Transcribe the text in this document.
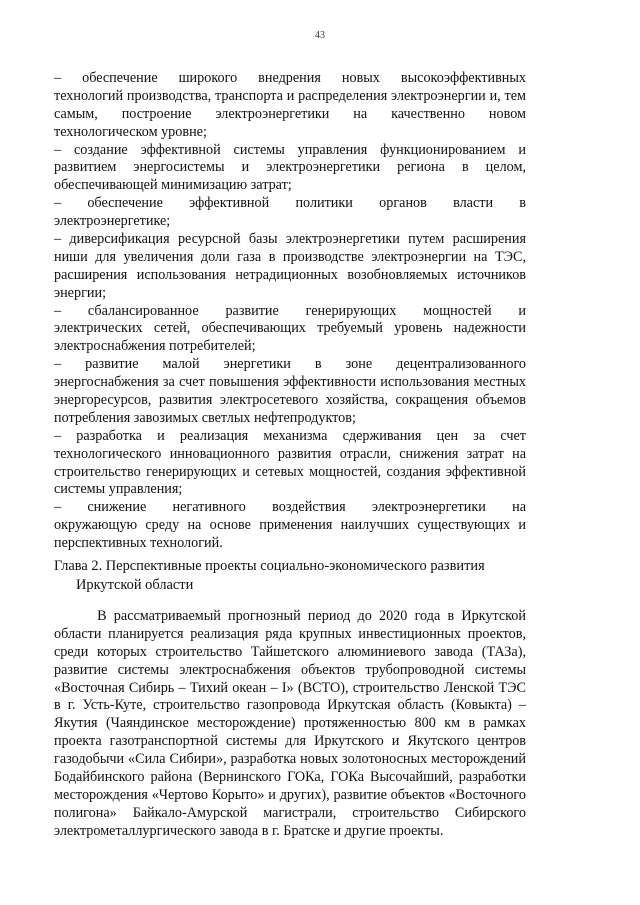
43
– обеспечение широкого внедрения новых высокоэффективных
технологий производства, транспорта и распределения электроэнергии и, тем
самым, построение электроэнергетики на качественно новом
технологическом уровне;
– создание эффективной системы управления функционированием и
развитием энергосистемы и электроэнергетики региона в целом,
обеспечивающей минимизацию затрат;
– обеспечение эффективной политики органов власти в
электроэнергетике;
– диверсификация ресурсной базы электроэнергетики путем расширения
ниши для увеличения доли газа в производстве электроэнергии на ТЭС,
расширения использования нетрадиционных возобновляемых источников
энергии;
– сбалансированное развитие генерирующих мощностей и
электрических сетей, обеспечивающих требуемый уровень надежности
электроснабжения потребителей;
– развитие малой энергетики в зоне децентрализованного
энергоснабжения за счет повышения эффективности использования местных
энергоресурсов, развития электросетевого хозяйства, сокращения объемов
потребления завозимых светлых нефтепродуктов;
– разработка и реализация механизма сдерживания цен за счет
технологического инновационного развития отрасли, снижения затрат на
строительство генерирующих и сетевых мощностей, создания эффективной
системы управления;
– снижение негативного воздействия электроэнергетики на
окружающую среду на основе применения наилучших существующих и
перспективных технологий.
Глава 2. Перспективные проекты социально-экономического развития
Иркутской области
В рассматриваемый прогнозный период до 2020 года в Иркутской
области планируется реализация ряда крупных инвестиционных проектов,
среди которых строительство Тайшетского алюминиевого завода (ТАЗа),
развитие системы электроснабжения объектов трубопроводной системы
«Восточная Сибирь – Тихий океан – I» (ВСТО), строительство Ленской ТЭС
в г. Усть-Куте, строительство газопровода Иркутская область (Ковыкта) –
Якутия (Чаяндинское месторождение) протяженностью 800 км в рамках
проекта газотранспортной системы для Иркутского и Якутского центров
газодобычи «Сила Сибири», разработка новых золотоносных месторождений
Бодайбинского района (Вернинского ГОКа, ГОКа Высочайший, разработки
месторождения «Чертово Корыто» и других), развитие объектов «Восточного
полигона» Байкало-Амурской магистрали, строительство Сибирского
электрометаллургического завода в г. Братске и другие проекты.
